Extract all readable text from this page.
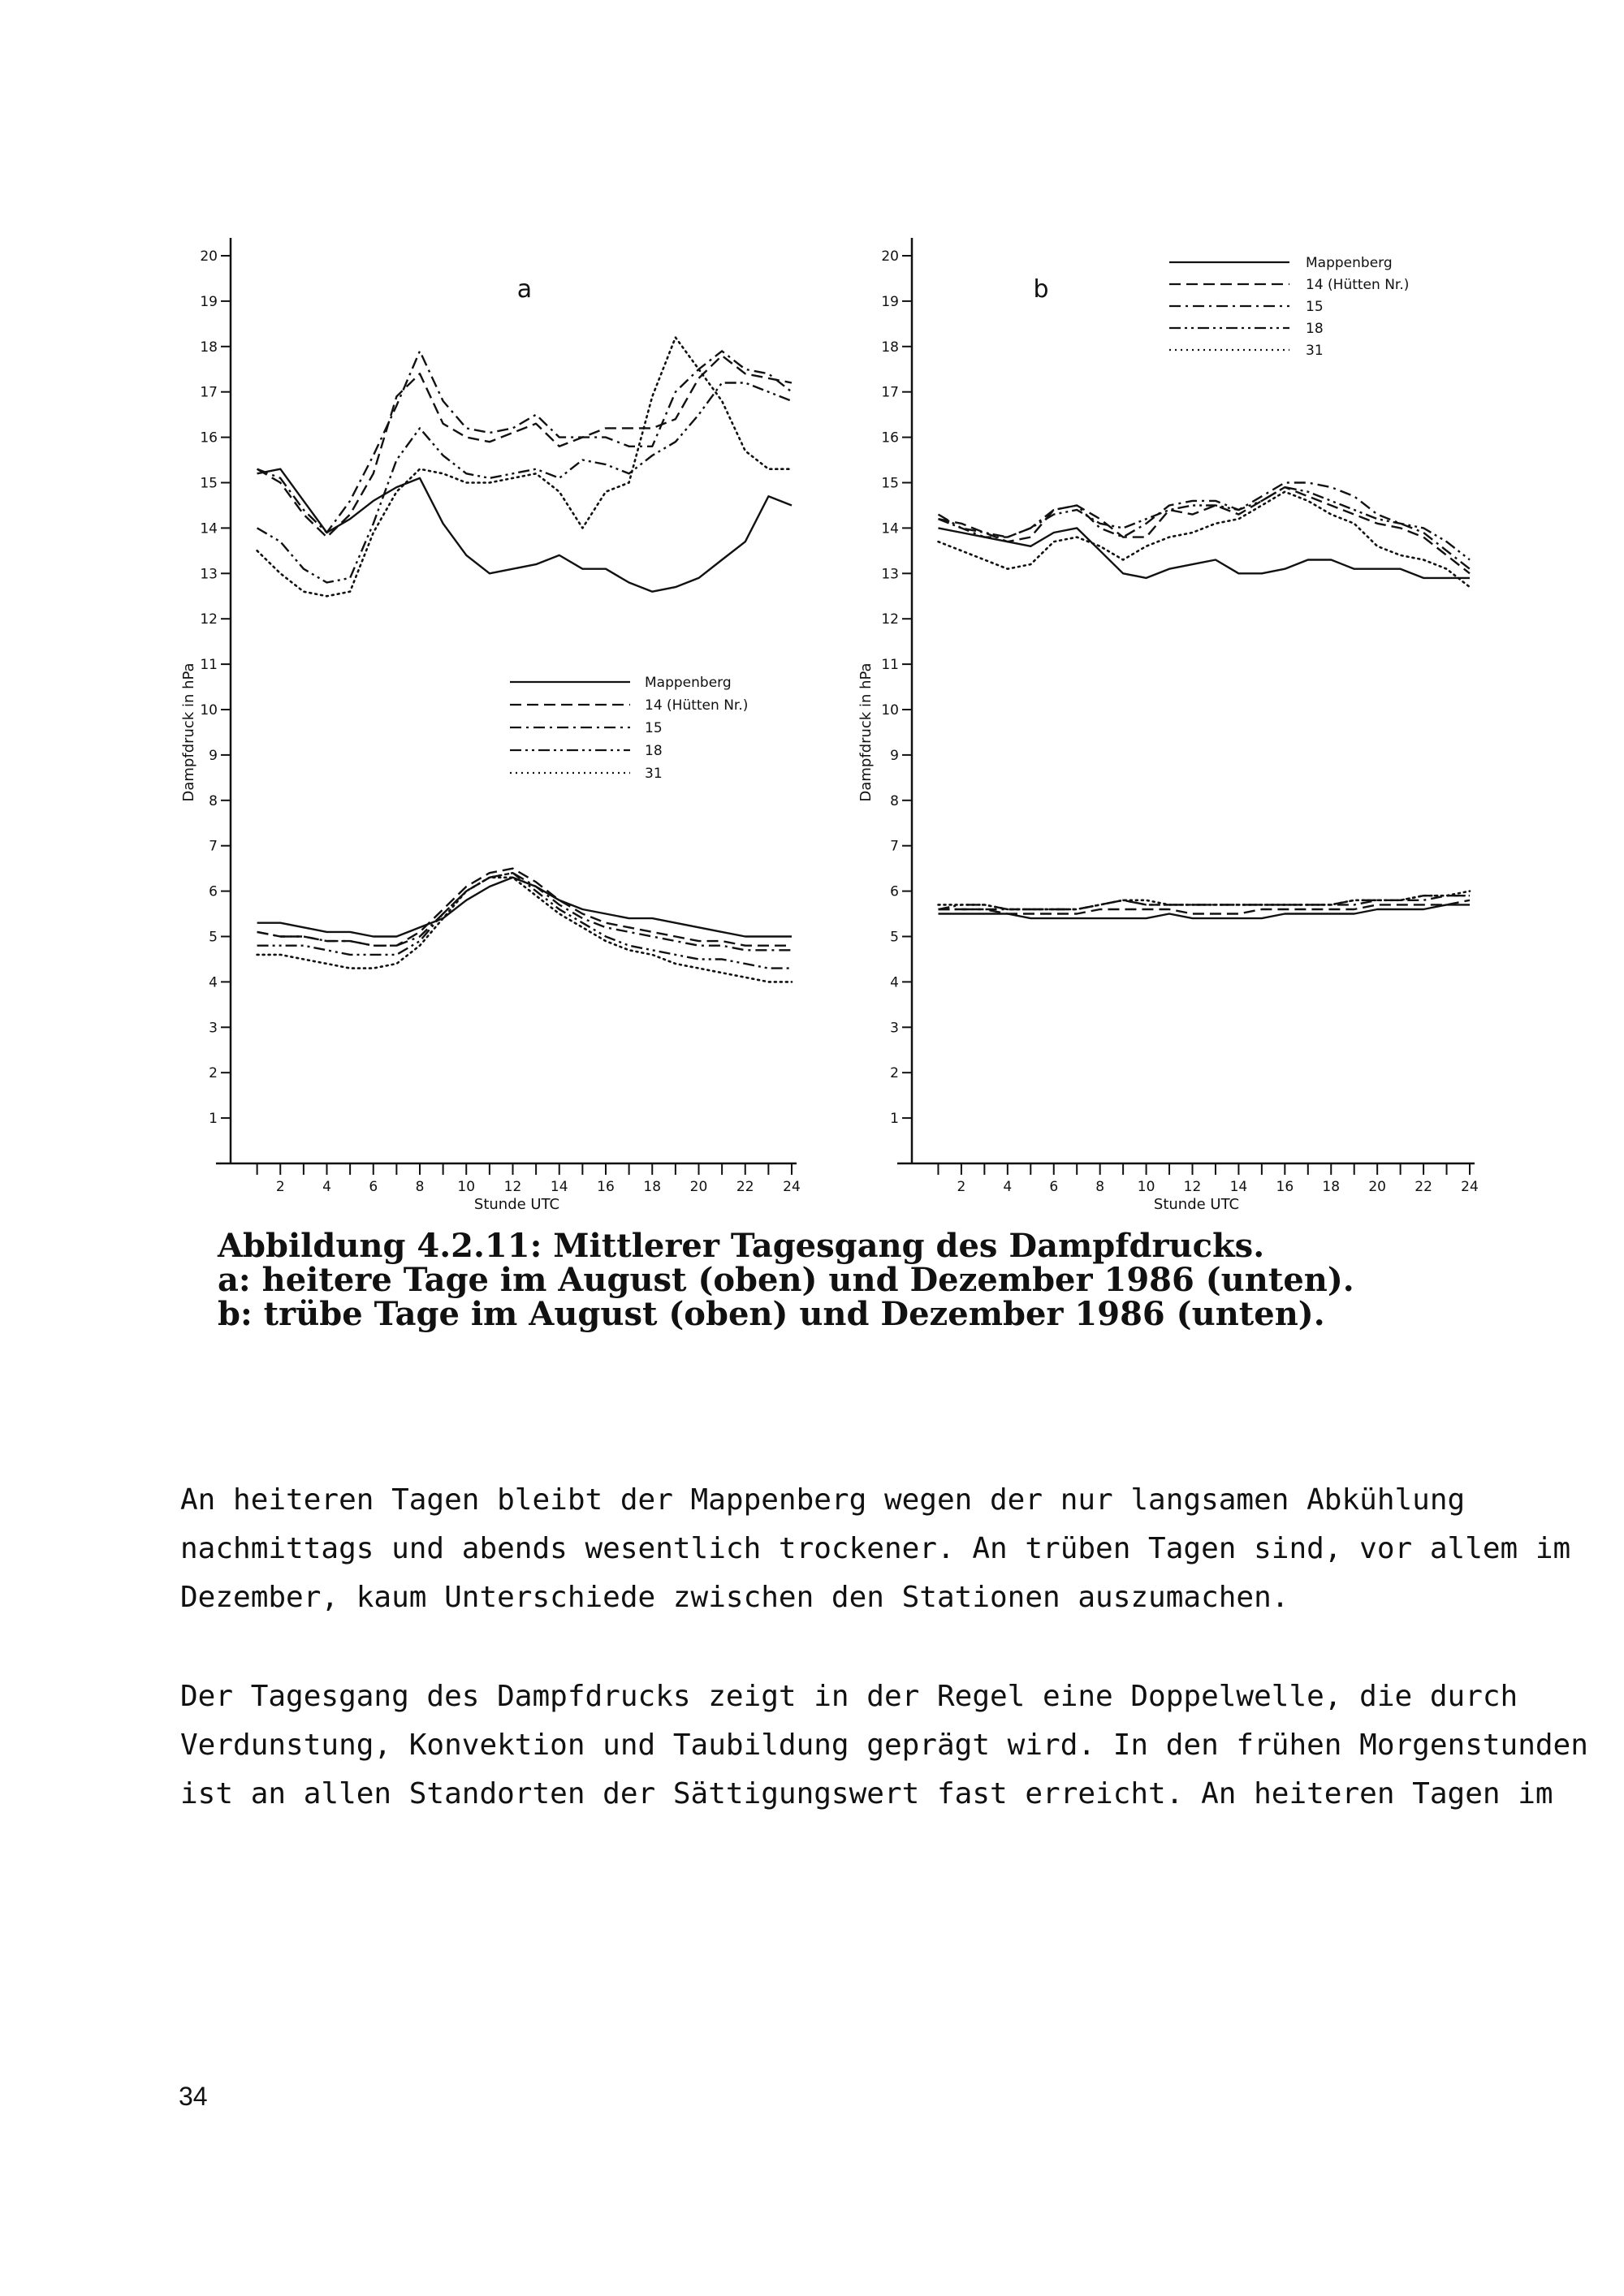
1
2
3
4
5
6
7
8
9
10
11
12
13
14
15
16
17
18
19
20
2	4	6	8 10 12 14 16 18 20 22 24
Stunde UTC
Dampfdruck in hPa
a
Mappenberg
14 (Hütten Nr.)
15
18
31
1
2
3
4
5
6
7
8
9
10
11
12
13
14
15
16
17
18
19
20
2	4	6	8 10 12 14 16 18 20 22 24
Stunde UTC
Dampfdruck in hPa
b
Mappenberg
14 (Hütten Nr.)
15
18
31
Abbildung 4.2.11: Mittlerer Tagesgang des Dampfdrucks.
a: heitere Tage im August (oben) und Dezember 1986 (unten).
b: trübe Tage im August (oben) und Dezember 1986 (unten).
An heiteren Tagen bleibt der Mappenberg wegen der nur langsamen Abkühlung
nachmittags und abends wesentlich trockener. An trüben Tagen sind, vor allem im
Dezember, kaum Unterschiede zwischen den Stationen auszumachen.
Der Tagesgang des Dampfdrucks zeigt in der Regel eine Doppelwelle, die durch
Verdunstung, Konvektion und Taubildung geprägt wird. In den frühen Morgenstunden
ist an allen Standorten der Sättigungswert fast erreicht. An heiteren Tagen im
34
